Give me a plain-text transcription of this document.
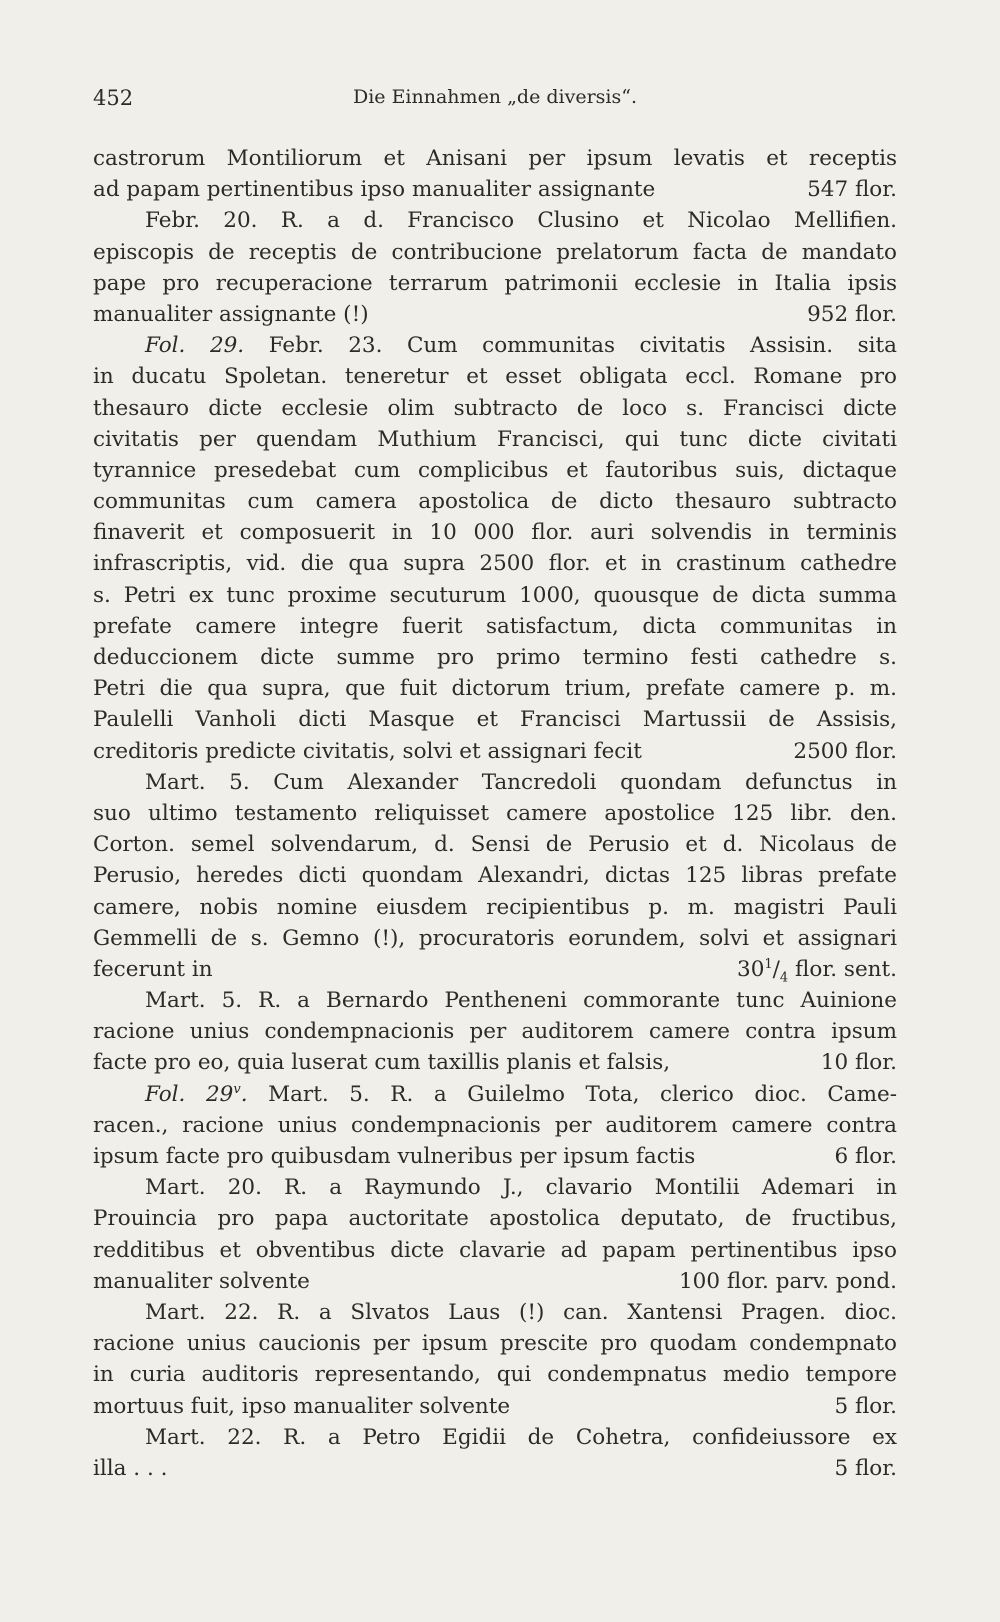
452	Die Einnahmen „de diversis“.
castrorum Montiliorum et Anisani per ipsum levatis et receptis
ad papam pertinentibus ipso manualiter assignante	547 flor.
Febr. 20. R. a d. Francisco Clusino et Nicolao Mellifien.
episcopis de receptis de contribucione prelatorum facta de mandato
pape pro recuperacione terrarum patrimonii ecclesie in Italia ipsis
manualiter assignante (!)	952 flor.
Fol. 29. Febr. 23. Cum communitas civitatis Assisin. sita
in ducatu Spoletan. teneretur et esset obligata eccl. Romane pro
thesauro dicte ecclesie olim subtracto de loco s. Francisci dicte
civitatis per quendam Muthium Francisci, qui tunc dicte civitati
tyrannice presedebat cum complicibus et fautoribus suis, dictaque
communitas cum camera apostolica de dicto thesauro subtracto
finaverit et composuerit in 10 000 flor. auri solvendis in terminis
infrascriptis, vid. die qua supra 2500 flor. et in crastinum cathedre
s. Petri ex tunc proxime secuturum 1000, quousque de dicta summa
prefate camere integre fuerit satisfactum, dicta communitas in
deduccionem dicte summe pro primo termino festi cathedre s.
Petri die qua supra, que fuit dictorum trium, prefate camere p. m.
Paulelli Vanholi dicti Masque et Francisci Martussii de Assisis,
creditoris predicte civitatis, solvi et assignari fecit	2500 flor.
Mart. 5. Cum Alexander Tancredoli quondam defunctus in
suo ultimo testamento reliquisset camere apostolice 125 libr. den.
Corton. semel solvendarum, d. Sensi de Perusio et d. Nicolaus de
Perusio, heredes dicti quondam Alexandri, dictas 125 libras prefate
camere, nobis nomine eiusdem recipientibus p. m. magistri Pauli
Gemmelli de s. Gemno (!), procuratoris eorundem, solvi et assignari
fecerunt in	$30^1/_4$ flor. sent.
Mart. 5. R. a Bernardo Pentheneni commorante tunc Auinione
racione unius condempnacionis per auditorem camere contra ipsum
facte pro eo, quia luserat cum taxillis planis et falsis,	10 flor.
Fol. 29$^v$. Mart. 5. R. a Guilelmo Tota, clerico dioc. Came-
racen., racione unius condempnacionis per auditorem camere contra
ipsum facte pro quibusdam vulneribus per ipsum factis	6 flor.
Mart. 20. R. a Raymundo J., clavario Montilii Ademari in
Prouincia pro papa auctoritate apostolica deputato, de fructibus,
redditibus et obventibus dicte clavarie ad papam pertinentibus ipso
manualiter solvente	100 flor. parv. pond.
Mart. 22. R. a Slvatos Laus (!) can. Xantensi Pragen. dioc.
racione unius caucionis per ipsum prescite pro quodam condempnato
in curia auditoris representando, qui condempnatus medio tempore
mortuus fuit, ipso manualiter solvente	5 flor.
Mart. 22. R. a Petro Egidii de Cohetra, confideiussore ex
illa . . .	5 flor.
